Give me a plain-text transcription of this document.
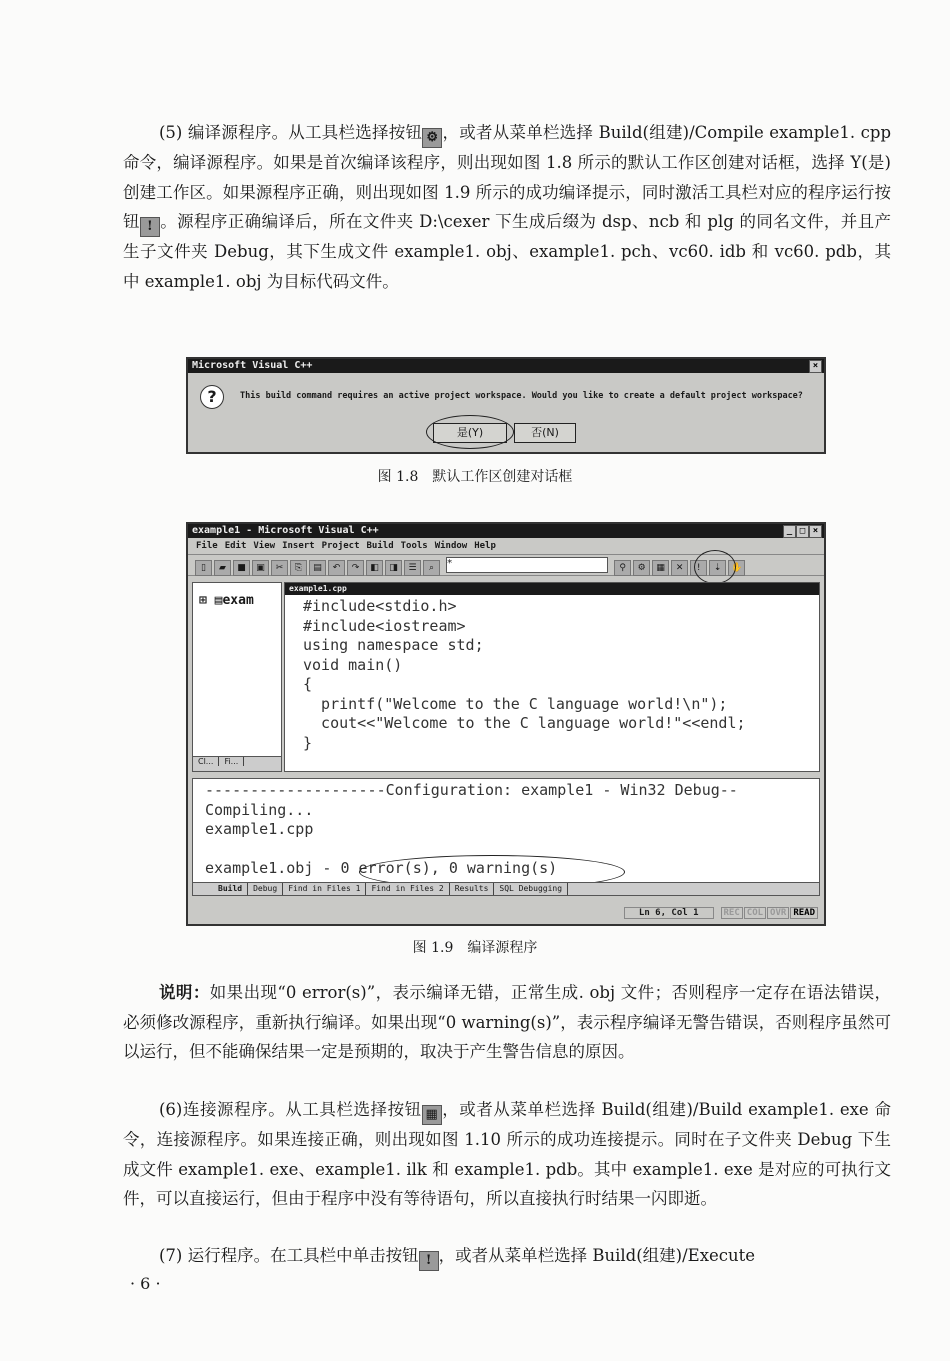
(5) 编译源程序。从工具栏选择按钮 ⚙ ，或者从菜单栏选择 Build(组建)/Compile example1. cpp 命令，编译源程序。如果是首次编译该程序，则出现如图 1.8 所示的默认工作区创建对话框，选择 Y(是)创建工作区。如果源程序正确，则出现如图 1.9 所示的成功编译提示，同时激活工具栏对应的程序运行按钮 ! 。源程序正确编译后，所在文件夹 D:\cexer 下生成后缀为 dsp、ncb 和 plg 的同名文件，并且产生子文件夹 Debug，其下生成文件 example1. obj、example1. pch、vc60. idb 和 vc60. pdb，其中 example1. obj 为目标代码文件。

Microsoft Visual C++	×
?	This build command requires an active project workspace. Would you like to create a default project workspace?
是(Y)	否(N)
图 1.8　默认工作区创建对话框
example1 - Microsoft Visual C++	_ □ ×
File Edit View Insert Project Build Tools Window Help
▯ ▰ ■ ▣ ✂ ⎘ ▤ ↶ ↷ ◧ ◨ ☰ ⌕ *	⚲ ⚙ ▦ ✕ ! ⇣ ✋
⊞ ▤exam
Cl... Fi...
example1.cpp
#include<stdio.h>
#include<iostream>
using namespace std;
void main()
{
printf("Welcome to the C language world!\n");
cout<<"Welcome to the C language world!"<<endl;
}
--------------------Configuration: example1 - Win32 Debug--
Compiling...
example1.cpp
example1.obj - 0 error(s), 0 warning(s)
Build Debug Find in Files 1 Find in Files 2 Results SQL Debugging
Ln 6, Col 1	REC COL OVR READ
图 1.9　编译源程序

说明：如果出现“0 error(s)”，表示编译无错，正常生成. obj 文件；否则程序一定存在语法错误，必须修改源程序，重新执行编译。如果出现“0 warning(s)”，表示程序编译无警告错误，否则程序虽然可以运行，但不能确保结果一定是预期的，取决于产生警告信息的原因。

(6)连接源程序。从工具栏选择按钮 ▦ ，或者从菜单栏选择 Build(组建)/Build example1. exe 命令，连接源程序。如果连接正确，则出现如图 1.10 所示的成功连接提示。同时在子文件夹 Debug 下生成文件 example1. exe、example1. ilk 和 example1. pdb。其中 example1. exe 是对应的可执行文件，可以直接运行，但由于程序中没有等待语句，所以直接执行时结果一闪即逝。

(7) 运行程序。在工具栏中单击按钮 ! ，或者从菜单栏选择 Build(组建)/Execute

· 6 ·
